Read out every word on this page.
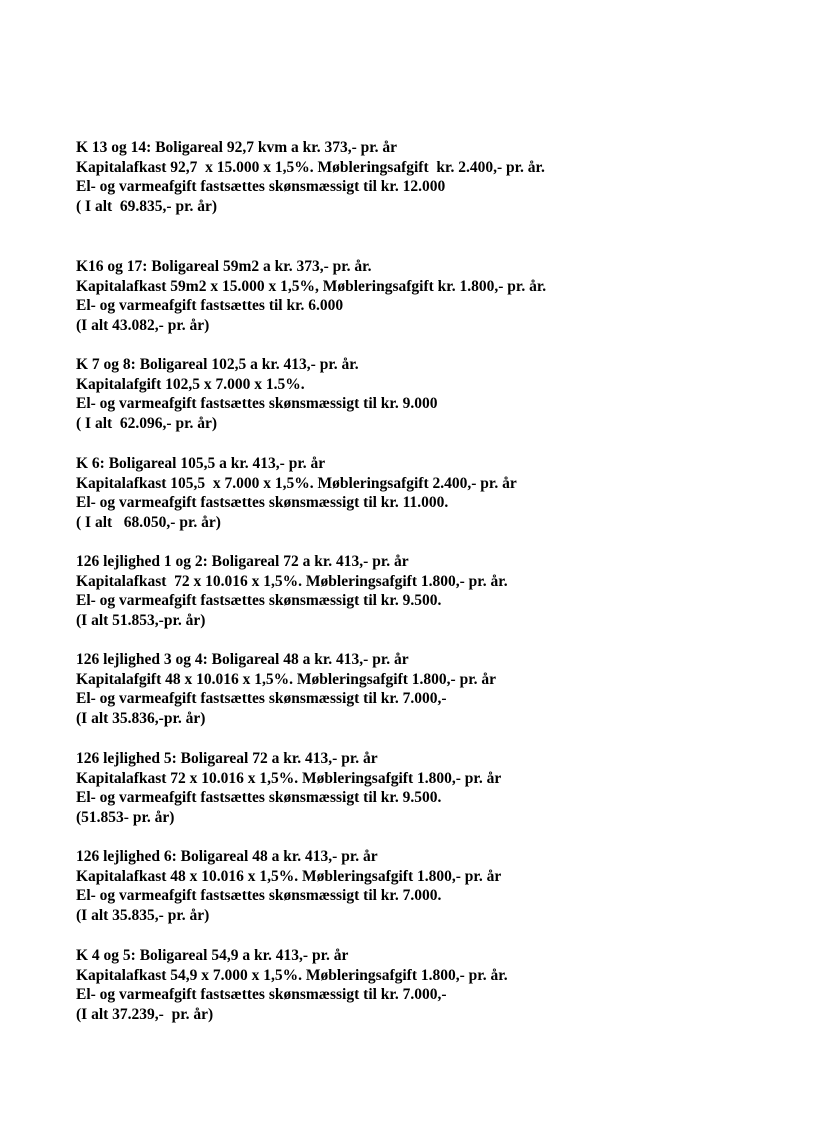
K 13 og 14: Boligareal 92,7 kvm a kr. 373,- pr. år
Kapitalafkast 92,7  x 15.000 x 1,5%. Møbleringsafgift  kr. 2.400,- pr. år.
El- og varmeafgift fastsættes skønsmæssigt til kr. 12.000
( I alt  69.835,- pr. år)
K16 og 17: Boligareal 59m2 a kr. 373,- pr. år.
Kapitalafkast 59m2 x 15.000 x 1,5%, Møbleringsafgift kr. 1.800,- pr. år.
El- og varmeafgift fastsættes til kr. 6.000
(I alt 43.082,- pr. år)
K 7 og 8: Boligareal 102,5 a kr. 413,- pr. år.
Kapitalafgift 102,5 x 7.000 x 1.5%.
El- og varmeafgift fastsættes skønsmæssigt til kr. 9.000
( I alt  62.096,- pr. år)
K 6: Boligareal 105,5 a kr. 413,- pr. år
Kapitalafkast 105,5  x 7.000 x 1,5%. Møbleringsafgift 2.400,- pr. år
El- og varmeafgift fastsættes skønsmæssigt til kr. 11.000.
( I alt   68.050,- pr. år)
126 lejlighed 1 og 2: Boligareal 72 a kr. 413,- pr. år
Kapitalafkast  72 x 10.016 x 1,5%. Møbleringsafgift 1.800,- pr. år.
El- og varmeafgift fastsættes skønsmæssigt til kr. 9.500.
(I alt 51.853,-pr. år)
126 lejlighed 3 og 4: Boligareal 48 a kr. 413,- pr. år
Kapitalafgift 48 x 10.016 x 1,5%. Møbleringsafgift 1.800,- pr. år
El- og varmeafgift fastsættes skønsmæssigt til kr. 7.000,-
(I alt 35.836,-pr. år)
126 lejlighed 5: Boligareal 72 a kr. 413,- pr. år
Kapitalafkast 72 x 10.016 x 1,5%. Møbleringsafgift 1.800,- pr. år
El- og varmeafgift fastsættes skønsmæssigt til kr. 9.500.
(51.853- pr. år)
126 lejlighed 6: Boligareal 48 a kr. 413,- pr. år
Kapitalafkast 48 x 10.016 x 1,5%. Møbleringsafgift 1.800,- pr. år
El- og varmeafgift fastsættes skønsmæssigt til kr. 7.000.
(I alt 35.835,- pr. år)
K 4 og 5: Boligareal 54,9 a kr. 413,- pr. år
Kapitalafkast 54,9 x 7.000 x 1,5%. Møbleringsafgift 1.800,- pr. år.
El- og varmeafgift fastsættes skønsmæssigt til kr. 7.000,-
(I alt 37.239,-  pr. år)
